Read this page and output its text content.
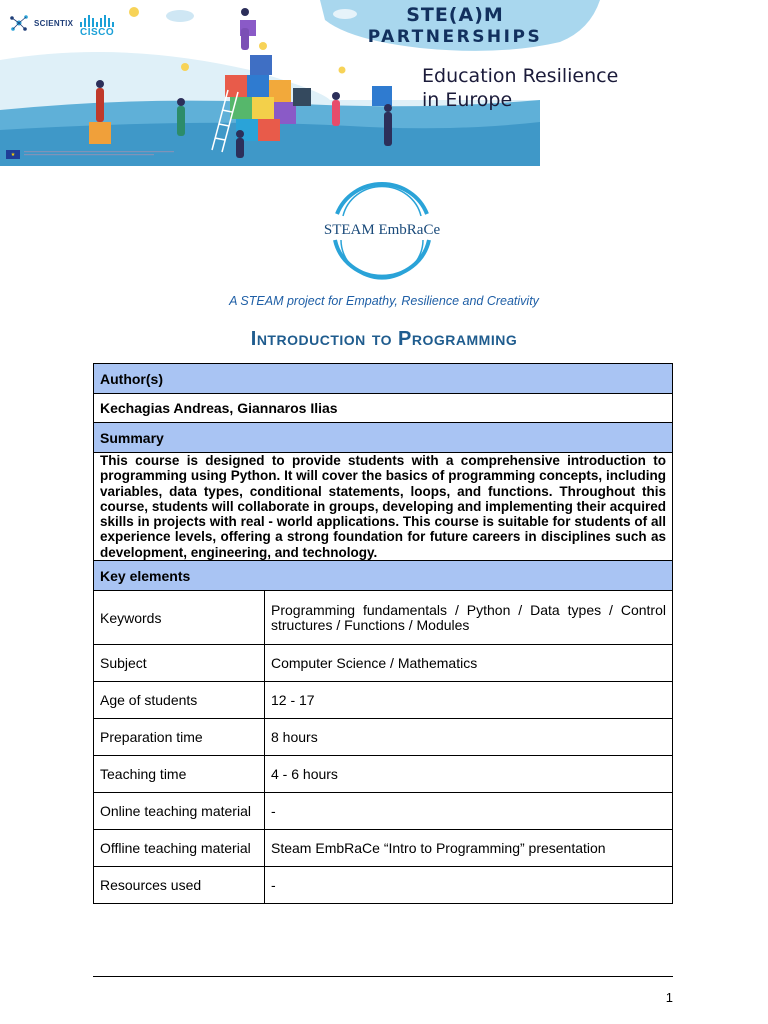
SCIENTIX
CISCO
STE(A)M
PARTNERSHIPS
Education Resilience
in Europe
★
STEAM EmbRaCe
A STEAM project for Empathy, Resilience and Creativity
Introduction to Programming
Author(s)	
Kechagias Andreas, Giannaros Ilias	
Summary	
This course is designed to provide students with a comprehensive introduction to programming using Python. It will cover the basics of programming concepts, including variables, data types, conditional statements, loops, and functions. Throughout this course, students will collaborate in groups, developing and implementing their acquired skills in projects with real - world applications. This course is suitable for students of all experience levels, offering a strong foundation for future careers in disciplines such as development, engineering, and technology.	
Key elements	
Keywords	Programming fundamentals / Python / Data types / Control structures / Functions / Modules
Subject	Computer Science / Mathematics
Age of students	12 - 17
Preparation time	8 hours
Teaching time	4 - 6 hours
Online teaching material	-
Offline teaching material	Steam EmbRaCe “Intro to Programming” presentation
Resources used	-
1
